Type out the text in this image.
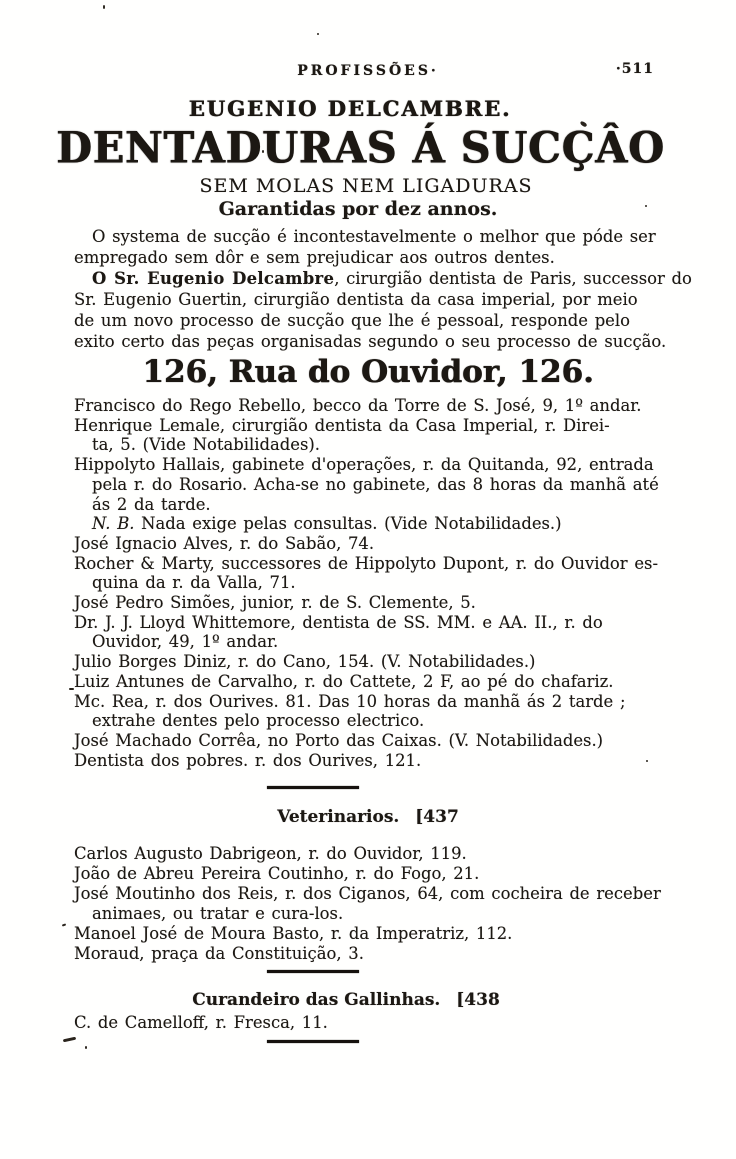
PROFISSÕES·	·511
EUGENIO DELCAMBRE.
DENTADURAS Á SUCÇÂO
SEM MOLAS NEM LIGADURAS
Garantidas por dez annos.
O systema de sucção é incontestavelmente o melhor que póde ser
empregado sem dôr e sem prejudicar aos outros dentes.
O Sr. Eugenio Delcambre, cirurgião dentista de Paris, successor do
Sr. Eugenio Guertin, cirurgião dentista da casa imperial, por meio
de um novo processo de sucção que lhe é pessoal, responde pelo
exito certo das peças organisadas segundo o seu processo de sucção.
126, Rua do Ouvidor, 126.
Francisco do Rego Rebello, becco da Torre de S. José, 9, 1º andar.
Henrique Lemale, cirurgião dentista da Casa Imperial, r. Direi-
ta, 5. (Vide Notabilidades).
Hippolyto Hallais, gabinete d'operações, r. da Quitanda, 92, entrada
pela r. do Rosario. Acha-se no gabinete, das 8 horas da manhã até
ás 2 da tarde.
N. B. Nada exige pelas consultas. (Vide Notabilidades.)
José Ignacio Alves, r. do Sabão, 74.
Rocher & Marty, successores de Hippolyto Dupont, r. do Ouvidor es-
quina da r. da Valla, 71.
José Pedro Simões, junior, r. de S. Clemente, 5.
Dr. J. J. Lloyd Whittemore, dentista de SS. MM. e AA. II., r. do
Ouvidor, 49, 1º andar.
Julio Borges Diniz, r. do Cano, 154. (V. Notabilidades.)
Luiz Antunes de Carvalho, r. do Cattete, 2 F, ao pé do chafariz.
Mc. Rea, r. dos Ourives. 81. Das 10 horas da manhã ás 2 tarde ;
extrahe dentes pelo processo electrico.
José Machado Corrêa, no Porto das Caixas. (V. Notabilidades.)
Dentista dos pobres. r. dos Ourives, 121.
Veterinarios. [437
Carlos Augusto Dabrigeon, r. do Ouvidor, 119.
João de Abreu Pereira Coutinho, r. do Fogo, 21.
José Moutinho dos Reis, r. dos Ciganos, 64, com cocheira de receber
animaes, ou tratar e cura-los.
Manoel José de Moura Basto, r. da Imperatriz, 112.
Moraud, praça da Constituição, 3.
Curandeiro das Gallinhas. [438
C. de Camelloff, r. Fresca, 11.
